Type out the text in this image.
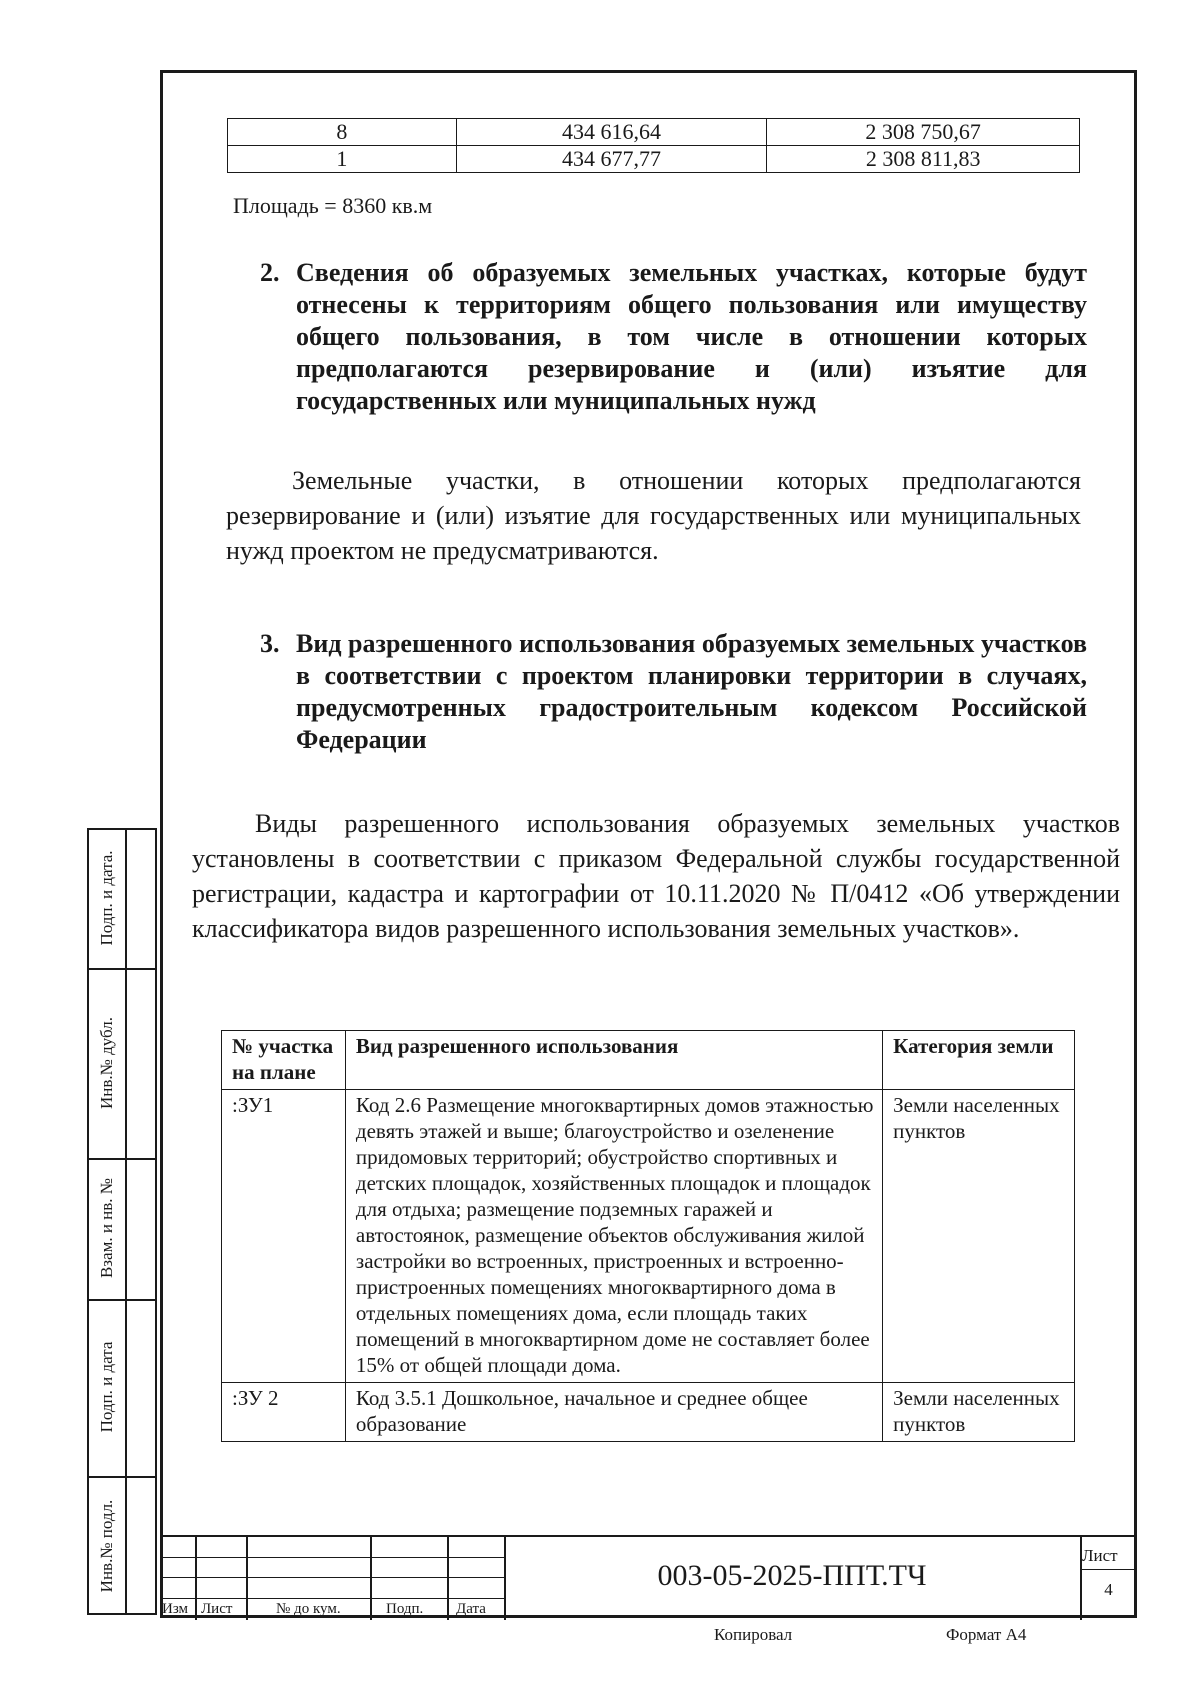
8	434 616,64	2 308 750,67
1	434 677,77	2 308 811,83
Площадь = 8360 кв.м
2. Сведения об образуемых земельных участках, которые будут отнесены к территориям общего пользования или имуществу общего пользования, в том числе в отношении которых предполагаются резервирование и (или) изъятие для государственных или муниципальных нужд
Земельные участки, в отношении которых предполагаются резервирование и (или) изъятие для государственных или муниципальных нужд проектом не предусматриваются.
3. Вид разрешенного использования образуемых земельных участков в соответствии с проектом планировки территории в случаях, предусмотренных градостроительным кодексом Российской Федерации
Виды разрешенного использования образуемых земельных участков установлены в соответствии с приказом Федеральной службы государственной регистрации, кадастра и картографии от 10.11.2020 № П/0412 «Об утверждении классификатора видов разрешенного использования земельных участков».
№ участка на плане	Вид разрешенного использования	Категория земли
:ЗУ1	Код 2.6 Размещение многоквартирных домов этажностью девять этажей и выше; благоустройство и озеленение придомовых территорий; обустройство спортивных и детских площадок, хозяйственных площадок и площадок для отдыха; размещение подземных гаражей и автостоянок, размещение объектов обслуживания жилой застройки во встроенных, пристроенных и встроенно-пристроенных помещениях многоквартирного дома в отдельных помещениях дома, если площадь таких помещений в многоквартирном доме не составляет более 15% от общей площади дома.	Земли населенных пунктов
:ЗУ 2	Код 3.5.1 Дошкольное, начальное и среднее общее образование	Земли населенных пунктов
Инв.№ подл.
Подп. и дата
Взам. и нв. №
Инв.№ дубл.
Подп. и дата.
Изм Лист	№ до кум.	Подп. Дата
003-05-2025-ППТ.ТЧ
Лист
4
Копировал	Формат А4
